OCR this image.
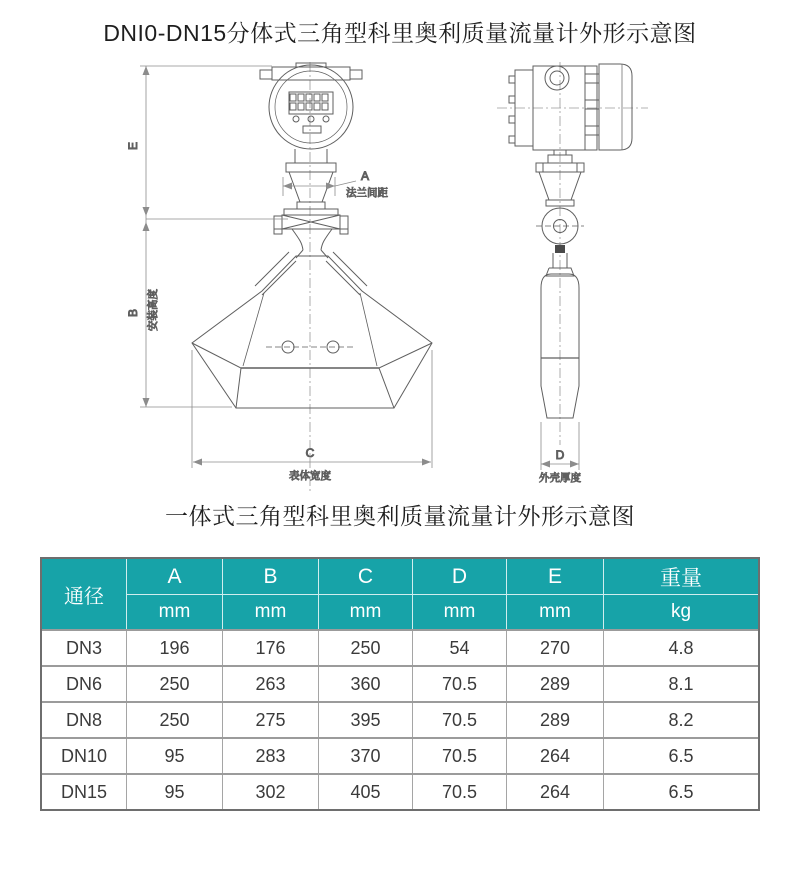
DNI0-DN15分体式三角型科里奥利质量流量计外形示意图
E
B 安装高度
A
法兰间距
C
表体宽度
D
外壳厚度
一体式三角型科里奥利质量流量计外形示意图
通径
A	B	C	D	E	重量
mm	mm	mm	mm	mm	kg
DN3	196	176	250	54	270	4.8
DN6	250	263	360	70.5	289	8.1
DN8	250	275	395	70.5	289	8.2
DN10	95	283	370	70.5	264	6.5
DN15	95	302	405	70.5	264	6.5
